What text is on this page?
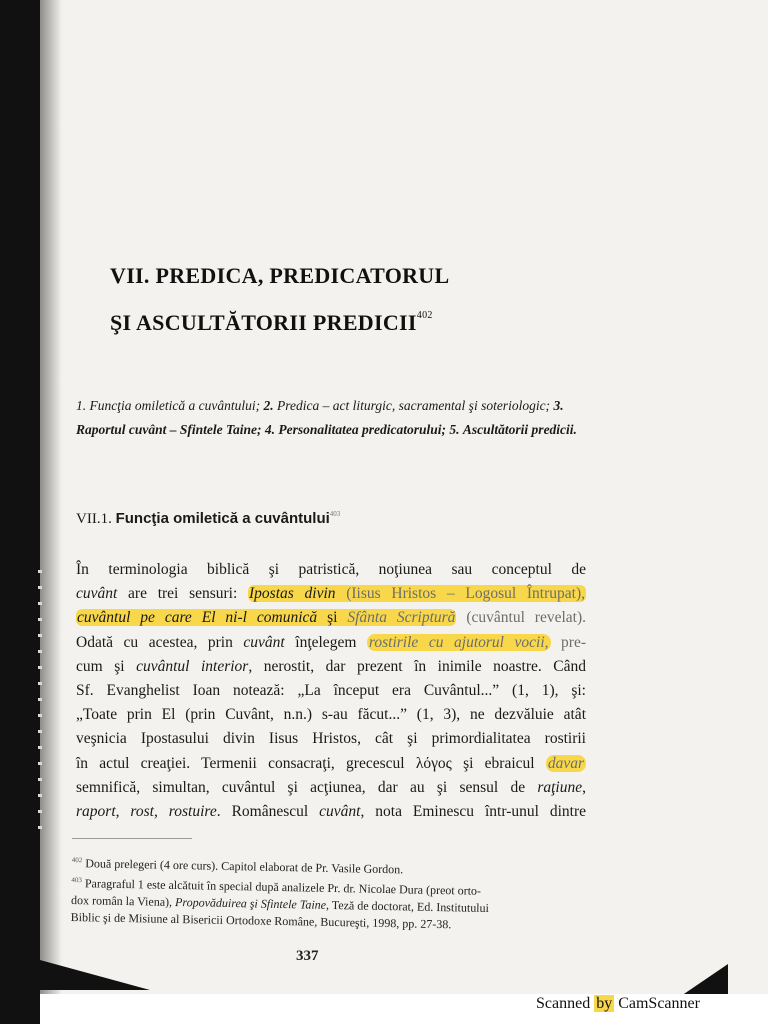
VII. PREDICA, PREDICATORUL
ŞI ASCULTĂTORII PREDICII$^{402}$
1. Funcţia omiletică a cuvântului; 2. Predica – act liturgic, sacramental şi soteriologic; 3. Raportul cuvânt – Sfintele Taine; 4. Personalitatea predicatorului; 5. Ascultătorii predicii.
VII.1. Funcţia omiletică a cuvântului$^{403}$
În terminologia biblică şi patristică, noţiunea sau conceptul de
cuvânt are trei sensuri: Ipostas divin (Iisus Hristos – Logosul Întrupat),
cuvântul pe care El ni-l comunică şi Sfânta Scriptură (cuvântul revelat).
Odată cu acestea, prin cuvânt înţelegem rostirile cu ajutorul vocii, pre-
cum şi cuvântul interior, nerostit, dar prezent în inimile noastre. Când
Sf. Evanghelist Ioan notează: „La început era Cuvântul...” (1, 1), şi:
„Toate prin El (prin Cuvânt, n.n.) s-au făcut...” (1, 3), ne dezvăluie atât
veşnicia Ipostasului divin Iisus Hristos, cât şi primordialitatea rostirii
în actul creaţiei. Termenii consacraţi, grecescul λόγος şi ebraicul davar
semnifică, simultan, cuvântul şi acţiunea, dar au şi sensul de raţiune,
raport, rost, rostuire. Românescul cuvânt, nota Eminescu într-unul dintre
$^{402}$ Două prelegeri (4 ore curs). Capitol elaborat de Pr. Vasile Gordon.
$^{403}$ Paragraful 1 este alcătuit în special după analizele Pr. dr. Nicolae Dura (preot orto-
dox român la Viena), Propovăduirea şi Sfintele Taine, Teză de doctorat, Ed. Institutului
Biblic şi de Misiune al Bisericii Ortodoxe Române, Bucureşti, 1998, pp. 27-38.
337
Scanned by CamScanner
